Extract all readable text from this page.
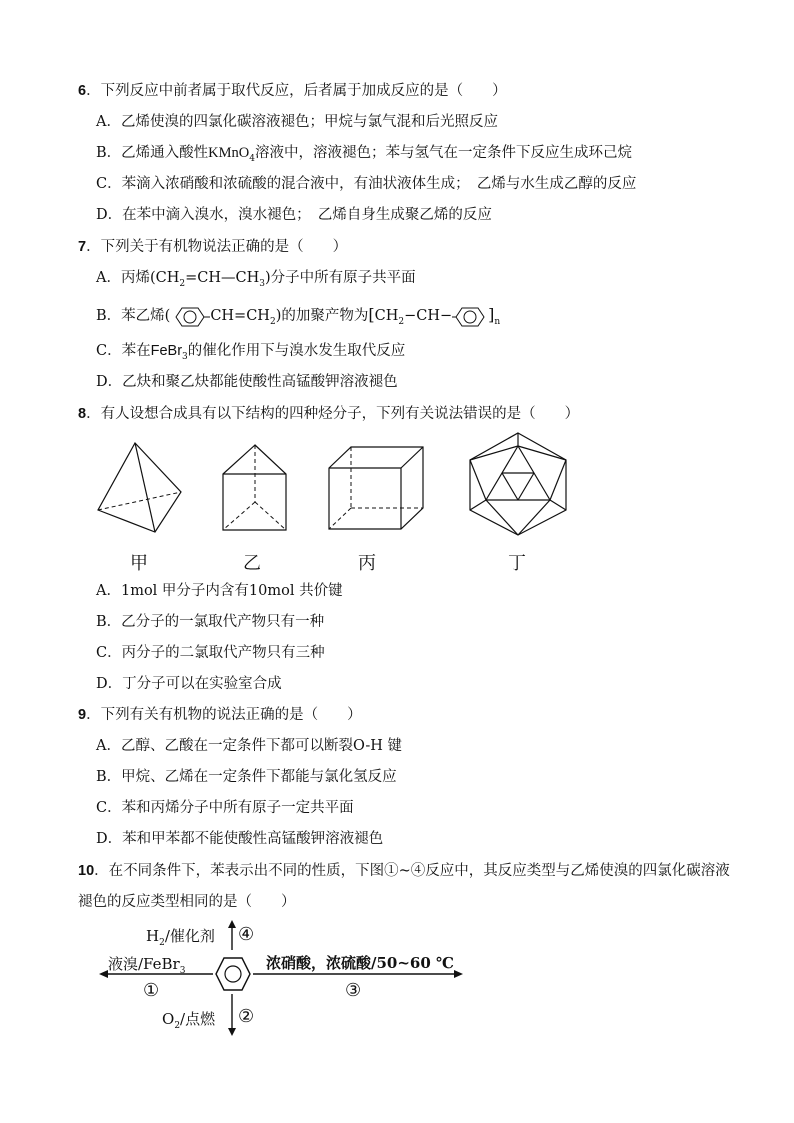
6．下列反应中前者属于取代反应，后者属于加成反应的是（　　）
A．乙烯使溴的四氯化碳溶液褪色；甲烷与氯气混和后光照反应
B．乙烯通入酸性KMnO$_4$溶液中，溶液褪色；苯与氢气在一定条件下反应生成环己烷
C．苯滴入浓硝酸和浓硫酸的混合液中，有油状液体生成；　乙烯与水生成乙醇的反应
D．在苯中滴入溴水，溴水褪色；　乙烯自身生成聚乙烯的反应
7．下列关于有机物说法正确的是（　　）
A．丙烯$(CH_2=CH—CH_3)$分子中所有原子共平面
B．苯乙烯(	$CH=CH_2$)的加聚产物为$[CH_2-CH- ]_n$
C．苯在FeBr$_3$的催化作用下与溴水发生取代反应
D．乙炔和聚乙炔都能使酸性高锰酸钾溶液褪色
8．有人设想合成具有以下结构的四种烃分子，下列有关说法错误的是（　　）
甲	乙	丙	丁
A．1mol 甲分子内含有10mol 共价键
B．乙分子的一氯取代产物只有一种
C．丙分子的二氯取代产物只有三种
D．丁分子可以在实验室合成
9．下列有关有机物的说法正确的是（　　）
A．乙醇、乙酸在一定条件下都可以断裂O-H 键
B．甲烷、乙烯在一定条件下都能与氯化氢反应
C．苯和丙烯分子中所有原子一定共平面
D．苯和甲苯都不能使酸性高锰酸钾溶液褪色
10．在不同条件下，苯表示出不同的性质，下图①~④反应中，其反应类型与乙烯使溴的四氯化碳溶液
褪色的反应类型相同的是（　　）
$H_2/$催化剂 ④
液溴/FeBr$_3$
①
浓硝酸，浓硫酸/50~60 ℃
③
$O_2/$点燃 ②
